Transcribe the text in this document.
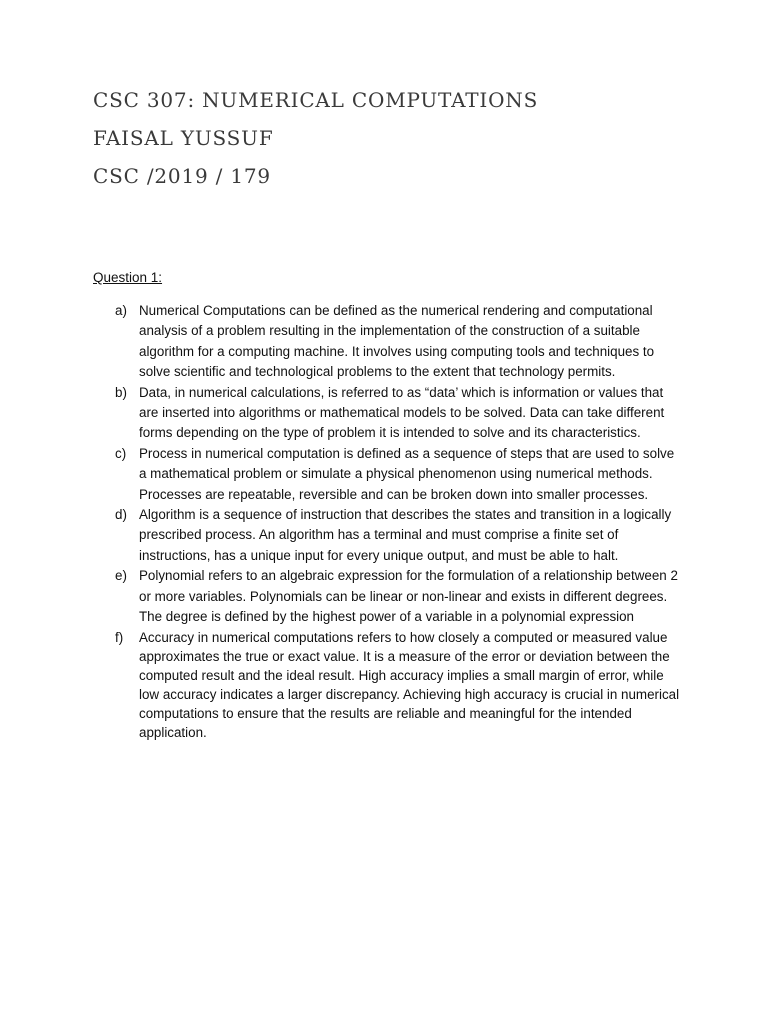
CSC 307: NUMERICAL COMPUTATIONS
FAISAL YUSSUF
CSC /2019 / 179
Question 1:
a) Numerical Computations can be defined as the numerical rendering and computational analysis of a problem resulting in the implementation of the construction of a suitable algorithm for a computing machine. It involves using computing tools and techniques to solve scientific and technological problems to the extent that technology permits.
b) Data, in numerical calculations, is referred to as “data’ which is information or values that are inserted into algorithms or mathematical models to be solved. Data can take different forms depending on the type of problem it is intended to solve and its characteristics.
c) Process in numerical computation is defined as a sequence of steps that are used to solve a mathematical problem or simulate a physical phenomenon using numerical methods. Processes are repeatable, reversible and can be broken down into smaller processes.
d) Algorithm is a sequence of instruction that describes the states and transition in a logically prescribed process. An algorithm has a terminal and must comprise a finite set of instructions, has a unique input for every unique output, and must be able to halt.
e) Polynomial refers to an algebraic expression for the formulation of a relationship between 2 or more variables. Polynomials can be linear or non-linear and exists in different degrees. The degree is defined by the highest power of a variable in a polynomial expression
f)	Accuracy in numerical computations refers to how closely a computed or measured value approximates the true or exact value. It is a measure of the error or deviation between the computed result and the ideal result. High accuracy implies a small margin of error, while low accuracy indicates a larger discrepancy. Achieving high accuracy is crucial in numerical computations to ensure that the results are reliable and meaningful for the intended application.
